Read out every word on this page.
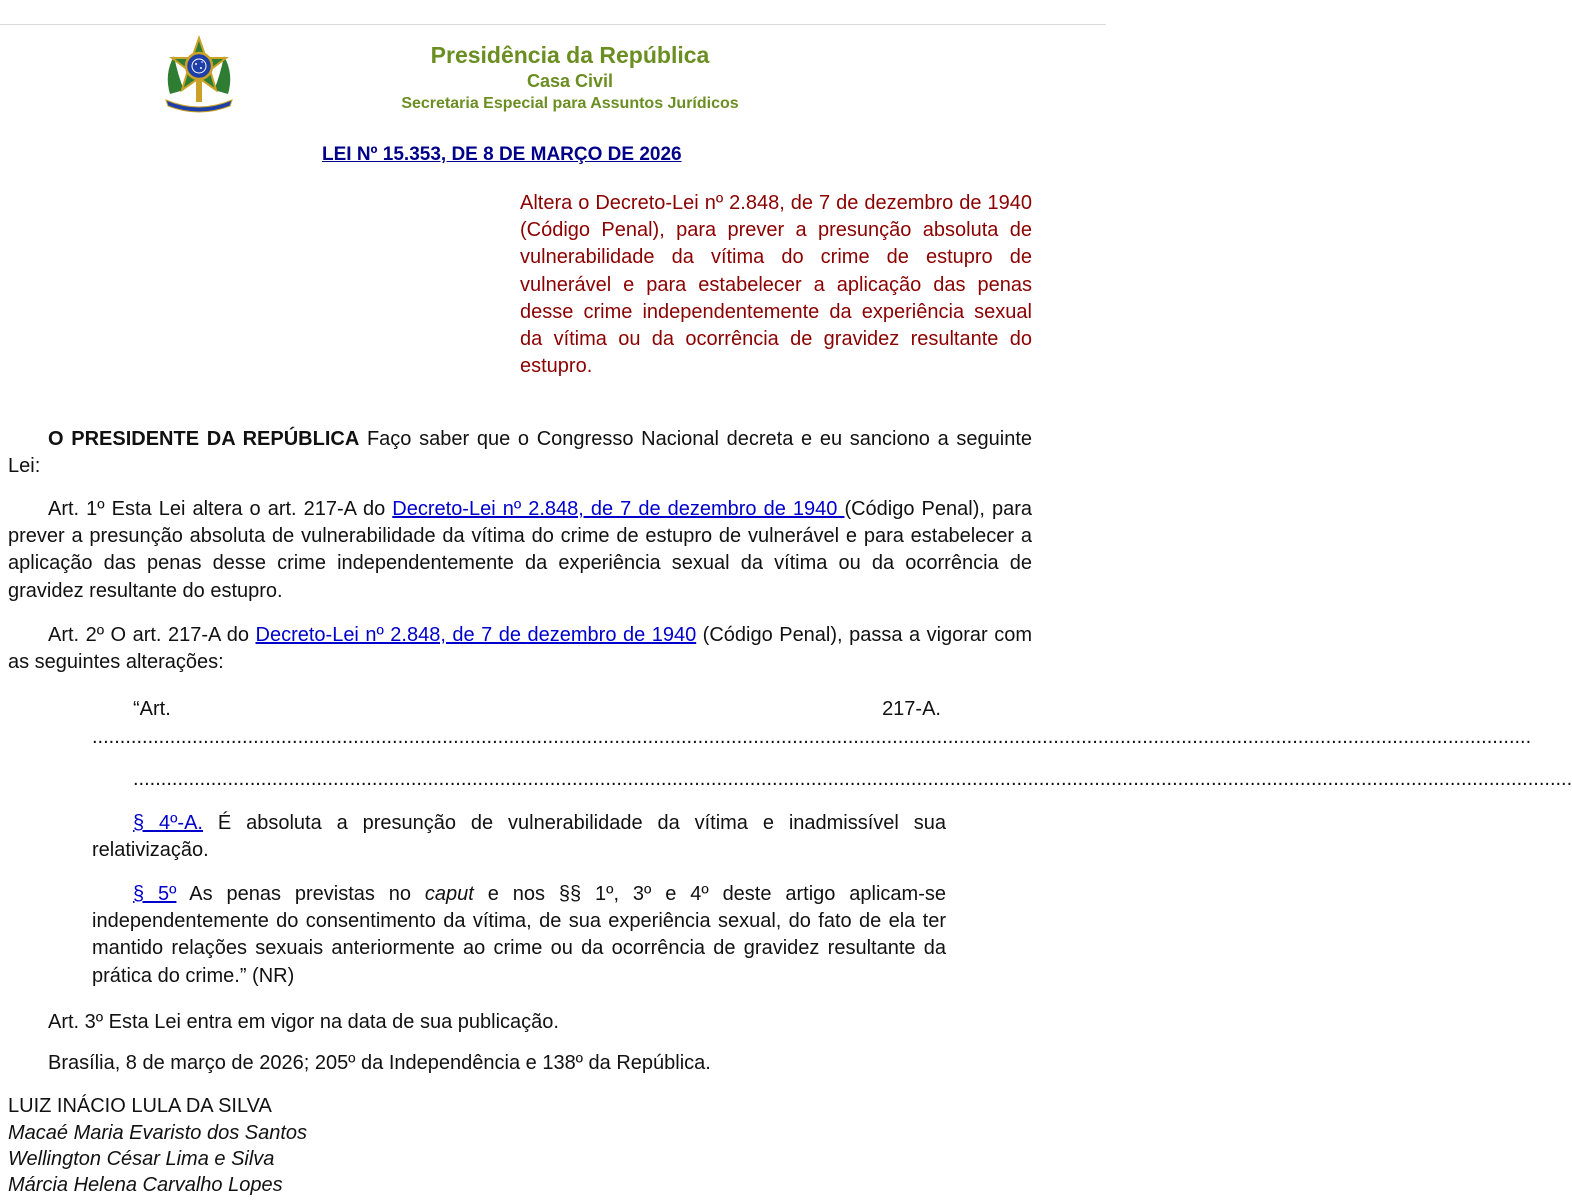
Presidência da República
Casa Civil
Secretaria Especial para Assuntos Jurídicos
LEI Nº 15.353, DE 8 DE MARÇO DE 2026
Altera o Decreto-Lei nº 2.848, de 7 de dezembro de 1940 (Código Penal), para prever a presunção absoluta de vulnerabilidade da vítima do crime de estupro de vulnerável e para estabelecer a aplicação das penas desse crime independentemente da experiência sexual da vítima ou da ocorrência de gravidez resultante do estupro.
O PRESIDENTE DA REPÚBLICA Faço saber que o Congresso Nacional decreta e eu sanciono a seguinte Lei:
Art. 1º Esta Lei altera o art. 217-A do Decreto-Lei nº 2.848, de 7 de dezembro de 1940 (Código Penal), para prever a presunção absoluta de vulnerabilidade da vítima do crime de estupro de vulnerável e para estabelecer a aplicação das penas desse crime independentemente da experiência sexual da vítima ou da ocorrência de gravidez resultante do estupro.
Art. 2º O art. 217-A do Decreto-Lei nº 2.848, de 7 de dezembro de 1940 (Código Penal), passa a vigorar com as seguintes alterações:
“Art.	217-A.
...................................................................................................................................................................................................................................................................
...................................................................................................................................................................................................................................................................
§ 4º-A. É absoluta a presunção de vulnerabilidade da vítima e inadmissível sua relativização.
§ 5º As penas previstas no caput e nos §§ 1º, 3º e 4º deste artigo aplicam-se independentemente do consentimento da vítima, de sua experiência sexual, do fato de ela ter mantido relações sexuais anteriormente ao crime ou da ocorrência de gravidez resultante da prática do crime.” (NR)
Art. 3º Esta Lei entra em vigor na data de sua publicação.
Brasília, 8 de março de 2026; 205º da Independência e 138º da República.
LUIZ INÁCIO LULA DA SILVA
Macaé Maria Evaristo dos Santos
Wellington César Lima e Silva
Márcia Helena Carvalho Lopes
